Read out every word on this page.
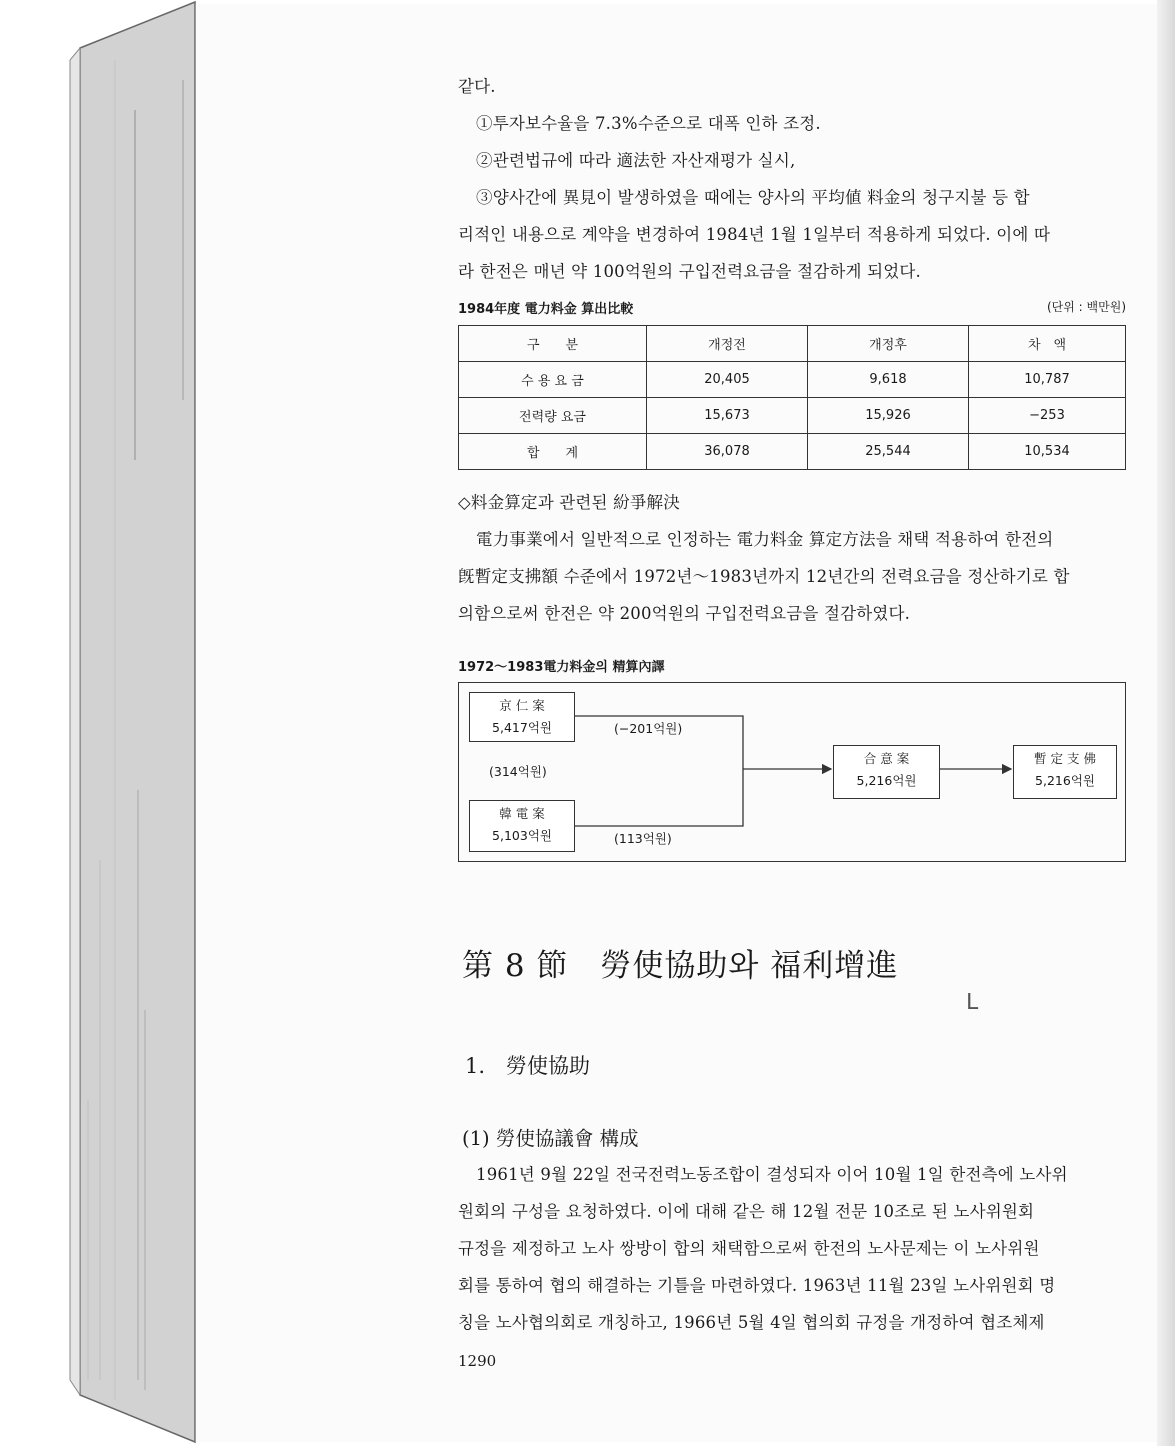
같다.
①투자보수율을 7.3%수준으로 대폭 인하 조정.
②관련법규에 따라 適法한 자산재평가 실시,
③양사간에 異見이 발생하였을 때에는 양사의 平均値 料金의 청구지불 등 합
리적인 내용으로 계약을 변경하여 1984년 1월 1일부터 적용하게 되었다. 이에 따
라 한전은 매년 약 100억원의 구입전력요금을 절감하게 되었다.
1984年度 電力料金 算出比較	(단위 : 백만원)
구　　분	개정전	개정후	차　액
수 용 요 금	20,405	9,618	10,787
전력량 요금	15,673	15,926	−253
합　　계	36,078	25,544	10,534
◇料金算定과 관련된 紛爭解決
電力事業에서 일반적으로 인정하는 電力料金 算定方法을 채택 적용하여 한전의
旣暫定支拂額 수준에서 1972년～1983년까지 12년간의 전력요금을 정산하기로 합
의함으로써 한전은 약 200억원의 구입전력요금을 절감하였다.
1972～1983電力料金의 精算內譯
京 仁 案
5,417억원
韓 電 案
5,103억원
合 意 案
5,216억원
暫 定 支 佛
5,216억원
(−201억원)
(314억원)
(113억원)
第 8 節　勞使協助와 福利增進
ᒪ
1.　勞使協助
(1) 勞使協議會 構成
1961년 9월 22일 전국전력노동조합이 결성되자 이어 10월 1일 한전측에 노사위
원회의 구성을 요청하였다. 이에 대해 같은 해 12월 전문 10조로 된 노사위원회
규정을 제정하고 노사 쌍방이 합의 채택함으로써 한전의 노사문제는 이 노사위원
회를 통하여 협의 해결하는 기틀을 마련하였다. 1963년 11월 23일 노사위원회 명
칭을 노사협의회로 개칭하고, 1966년 5월 4일 협의회 규정을 개정하여 협조체제
1290
